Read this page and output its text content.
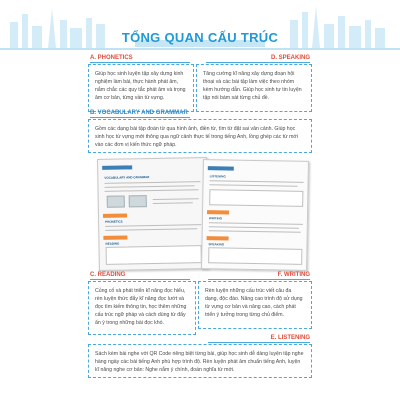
TỔNG QUAN CẤU TRÚC
A. PHONETICS
Giúp học sinh luyện tập xây dựng kinh nghiệm làm bài, thực hành phát âm, nắm chắc các quy tắc phát âm và trọng âm cơ bản, từng vần từ vựng.
D. SPEAKING
Tăng cường kĩ năng xây dựng đoạn hội thoại và các bài tập làm việc theo nhóm kèm hướng dẫn. Giúp học sinh tự tin luyện tập nói bám sát từng chủ đề.
B. VOCABULARY AND GRAMMAR
Gồm các dạng bài tập đoán từ qua hình ảnh, điền từ, tìm từ đặt sai văn cảnh. Giúp học sinh học từ vựng mới thông qua ngữ cảnh thực tế trong tiếng Anh, lồng ghép các từ mới vào các đơn vị kiến thức ngữ pháp.
VOCABULARY AND GRAMMAR
PHONETICS
READING
LISTENING
WRITING
SPEAKING
C. READING
Củng cố và phát triển kĩ năng đọc hiểu, rèn luyện thức đẩy kĩ năng đọc lướt và đọc tìm kiếm thông tin, học thêm những cấu trúc ngữ pháp và cách dùng từ đẩy ẩn ý trong những bài đọc khó.
F. WRITING
Rèn luyện những cấu trúc viết câu đa dạng, độc đáo. Nâng cao trình độ sử dụng từ vựng cơ bản và nâng cao, cách phát triển ý tưởng trong từng chủ điểm.
E. LISTENING
Sách kèm bài nghe với QR Code riêng biệt từng bài, giúp học sinh dễ dàng luyện tập nghe hàng ngày các bài tiếng Anh phù hợp trình độ. Rèn luyện phát âm chuẩn tiếng Anh, luyện kĩ năng nghe cơ bản: Nghe nắm ý chính, đoán nghĩa từ mới.
